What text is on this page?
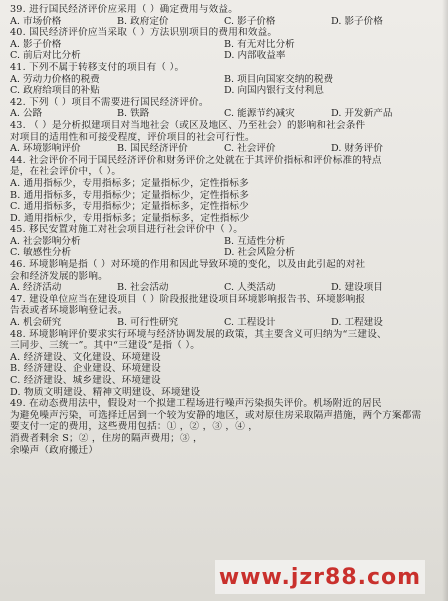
39. 进行国民经济评价应采用（ ）确定费用与效益。
A. 市场价格	B. 政府定价	C. 影子价格	D. 影子价格
40. 国民经济评价应当采取（ ）方法识别项目的费用和效益。
A. 影子价格	B. 有无对比分析
C. 前后对比分析	D. 内部收益率
41. 下列不属于转移支付的项目有（ ）。
A. 劳动力价格的税费	B. 项目向国家交纳的税费
C. 政府给项目的补贴	D. 向国内银行支付利息
42. 下列（ ）项目不需要进行国民经济评价。
A. 公路	B. 铁路	C. 能源节约减灾	D. 开发新产品
43. （ ）是分析拟建项目对当地社会（或区及地区、乃至社会）的影响和社会条件
对项目的适用性和可接受程度，评价项目的社会可行性。
A. 环境影响评价	B. 国民经济评价	C. 社会评价	D. 财务评价
44. 社会评价不同于国民经济评价和财务评价之处就在于其评价指标和评价标准的特点
是，在社会评价中，（ ）。
A. 通用指标少，专用指标多；定量指标少，定性指标多
B. 通用指标多，专用指标少；定量指标少，定性指标多
C. 通用指标多，专用指标少；定量指标多，定性指标少
D. 通用指标少，专用指标多；定量指标多，定性指标少
45. 移民安置对施工对社会项目进行社会评价中（ ）。
A. 社会影响分析	B. 互适性分析
C. 敏感性分析	D. 社会风险分析
46. 环境影响是指（ ）对环境的作用和因此导致环境的变化，以及由此引起的对社
会和经济发展的影响。
A. 经济活动	B. 社会活动	C. 人类活动	D. 建设项目
47. 建设单位应当在建设项目（ ）阶段报批建设项目环境影响报告书、环境影响报
告表或者环境影响登记表。
A. 机会研究	B. 可行性研究	C. 工程设计	D. 工程建设
48. 环境影响评价要求实行环境与经济协调发展的政策，其主要含义可归纳为“三建设、
三同步、三统一”。其中“三建设”是指（ ）。
A. 经济建设、文化建设、环境建设
B. 经济建设、企业建设、环境建设
C. 经济建设、城乡建设、环境建设
D. 物质文明建设、精神文明建设、环境建设
49. 在动态费用法中，假设对一个拟建工程场进行噪声污染损失评价。机场附近的居民
为避免噪声污染，可选择迁居到一个较为安静的地区，或对原住房采取隔声措施，两个方案都需
要支付一定的费用，这些费用包括：① ，② ，③ ，④ ，
消费者剩余 S；② ，住房的隔声费用；③ ，
余噪声（政府搬迁）
www.jzr88.com
